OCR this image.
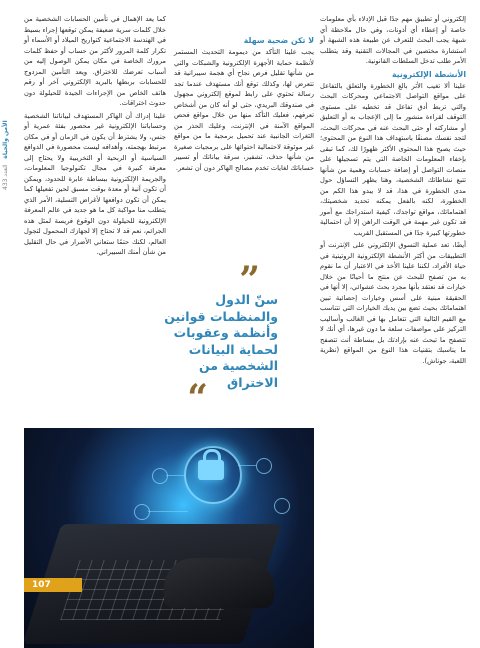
إلكتروني أو تطبيق مهم جدًا قبل الإدلاء بأي معلومات خاصة أو إعطاء أي أذونات، وفي حال ملاحظة أي شبهة يجب البحث للتعرف عن طبيعة هذه الشبهة أو استشارة مختصين في المجالات التقنية وقد يتطلب الأمر طلب تدخل السلطات القانونية.

الأنشطة الإلكترونية

علينا ألا تغيب الأثر بالغ الخطورة والتعلق بالتفاعل على مواقع التواصل الاجتماعي ومحركات البحث والتي تربط أدق تفاعل قد تخطيه على مستوى التوقف لقراءة منشور ما إلى الإعجاب به أو التعليق أو مشاركته أو حتى البحث عنه في محركات البحث، لتجد نفسك مصنفًا باستهداف هذا النوع من المحتوى؛ حيث يصبح هذا المحتوى الأكثر ظهورًا لك، كما تبقى بإخفاء المعلومات الخاصة التي يتم تسجيلها على منصات التواصل أو إضافة حسابات وهمية من شأنها تتبع نشاطاتك الشخصية، وهنا يظهر التساؤل حول مدى الخطورة في هذا، قد لا يبدو هذا الكم من الخطورة، لكنه بالفعل يمكنه تحديد شخصيتك، اهتماماتك، مواقع تواجدك، كيفية استدراجك مع أمور قد تكون غير مهمة في الوقت الراهن إلا أن احتمالية خطورتها كبيرة جدًا في المستقبل القريب

أيضًا، تعد عملية التسوق الإلكتروني على الإنترنت أو التطبيقات من أكثر الأنشطة الإلكترونية الروتينية في حياة الأفراد، لكننا علينا الأخذ في الاعتبار أن ما نقوم به من تصفح للبحث عن منتج ما أحيانًا من خلال خيارات قد نعتقد بأنها مجرد بحث عشوائي، إلا أنها في الحقيقة مبنية على أسس وخيارات إحصائية تبين اهتماماتك بحيث تضع بين يديك الخيارات التي تتناسب مع القيم الثالية التي تتعامل بها في الغالب وأساليب التركيز على مواصفات سلعة ما دون غيرها، أي أنك لا تتصفح ما تبحث عنه بإرادتك بل ببساطة أنت تتصفح ما يناسبك بتقنيات هذا النوع من المواقع (نظرية اللعبة، جوناش).

لا تكن ضحية سهلة

يجب علينا التأكد من ديمومة التحديث المستمر لأنظمة حماية الأجهزة الإلكترونية والشبكات والتي من شأنها تقليل فرص نجاح أي هجمة سيبرانية قد تتعرض لها، وكذلك توقع أنك مستهدف عندما تجد رسالة تحتوي على رابط لموقع إلكتروني مجهول في صندوقك البريدي، حتى لو أنه كان من أشخاص تعرفهم، فعليك التأكد منها من خلال مواقع فحص المواقع الآمنة في الإنترنت، وعليك الحذر من الثغرات الجانبية عند تحميل برمجية ما من مواقع غير موثوقة لاحتمالية احتوائها على برمجيات صغيرة من شأنها حذف، تشفير، سرقة بياناتك أو تسيير حساباتك لغايات تخدم مصالح الهاكر دون أن تشعر.

”
سنّ الدول والمنظمات قوانين وأنظمة وعقوبات لحماية البيانات الشخصية من الاختراق
“

كما يعد الإهمال في تأمين الحسابات الشخصية من خلال كلمات سرية ضعيفة يمكن توقعها إجراء بسيط في الهندسة الاجتماعية كتواريخ الميلاد أو الأسماء أو تكرار كلمة المرور لأكثر من حساب أو حفظ كلمات مرورك الخاصة في مكان يمكن الوصول إليه من أسباب تعرضك للاختراق. ويعد التأمين المزدوج للحسابات بربطها بالبريد الإلكتروني آخر أو رقم هاتف الخاص من الإجراءات الجيدة للحيلولة دون حدوث اختراقات.

علينا إدراك أن الهاكر المستهدف لبياناتنا الشخصية وحساباتنا الإلكترونية غير محصور بفئة عمرية أو جنس، ولا يشترط أن يكون في الزمان أو في مكان مرتبط بهجمته، وأهدافه ليست محصورة في الدوافع السياسية أو الربحية أو التخريبية ولا يحتاج إلى معرفة كبيرة في مجال تكنولوجيا المعلومات، والجريمة الإلكترونية ببساطة عابرة للحدود، ويمكن أن تكون آنية أو معدة بوقت مسبق لحين تفعيلها كما يمكن أن تكون دوافعها لأغراض التسلية، الأمر الذي يتطلب منا مواكبة كل ما هو جديد في عالم المعرفة الإلكترونية للحيلولة دون الوقوع فريسة لمثل هذه الجرائم، نعم قد لا تحتاج إلا لجهازك المحمول لتجول العالم، لكنك حتمًا ستعاني الأضرار في حال التقليل من شأن أمنك السيبراني.

الأمن والحياة   العدد 433
107
